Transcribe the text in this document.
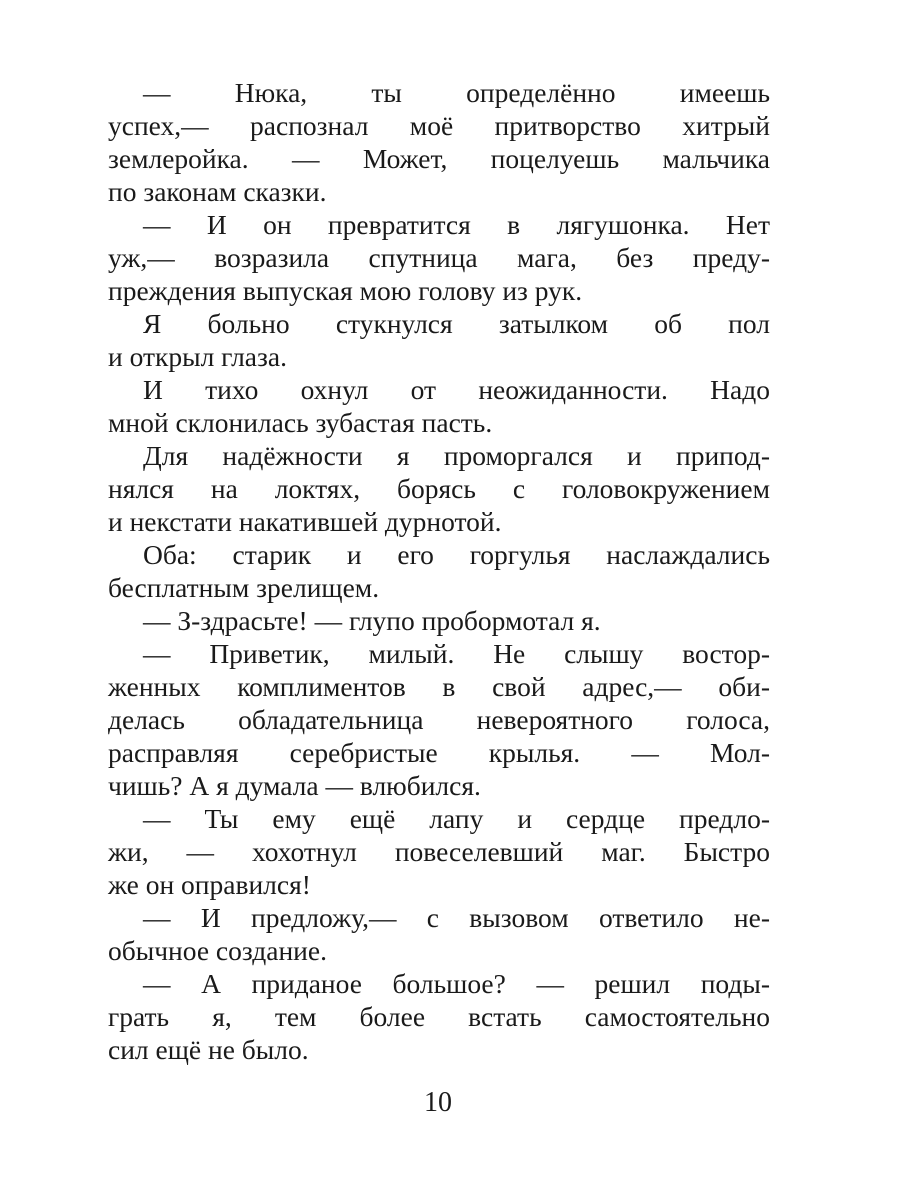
— Нюка, ты определённо имеешь
успех,— распознал моё притворство хитрый
землеройка. — Может, поцелуешь мальчика
по законам сказки.
— И он превратится в лягушонка. Нет
уж,— возразила спутница мага, без преду-
преждения выпуская мою голову из рук.
Я больно стукнулся затылком об пол
и открыл глаза.
И тихо охнул от неожиданности. Надо
мной склонилась зубастая пасть.
Для надёжности я проморгался и припод-
нялся на локтях, борясь с головокружением
и некстати накатившей дурнотой.
Оба: старик и его горгулья наслаждались
бесплатным зрелищем.
— З-здрасьте! — глупо пробормотал я.
— Приветик, милый. Не слышу востор-
женных комплиментов в свой адрес,— оби-
делась обладательница невероятного голоса,
расправляя серебристые крылья. — Мол-
чишь? А я думала — влюбился.
— Ты ему ещё лапу и сердце предло-
жи, — хохотнул повеселевший маг. Быстро
же он оправился!
— И предложу,— с вызовом ответило не-
обычное создание.
— А приданое большое? — решил поды-
грать я, тем более встать самостоятельно
сил ещё не было.
10
